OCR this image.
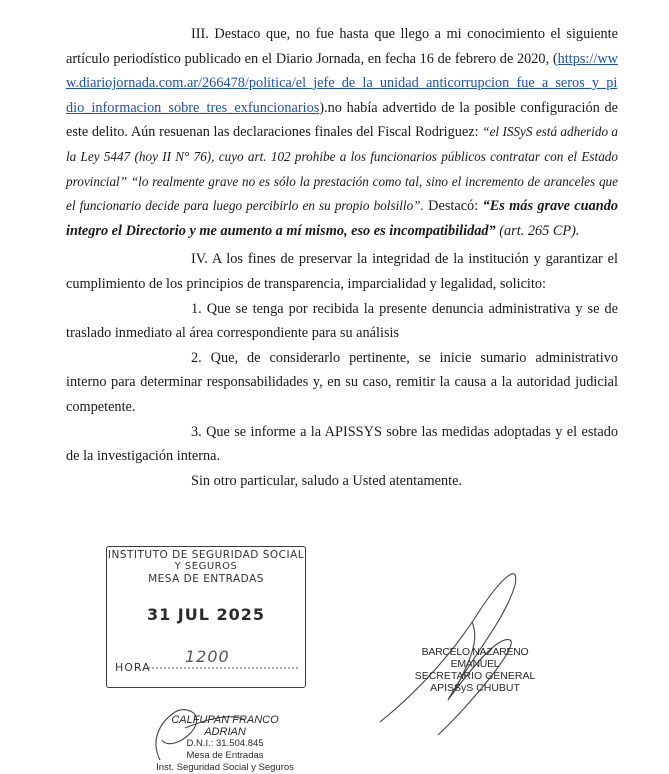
III. Destaco que, no fue hasta que llego a mi conocimiento el siguiente artículo periodístico publicado en el Diario Jornada, en fecha 16 de febrero de 2020, (https://www.diariojornada.com.ar/266478/politica/el_jefe_de_la_unidad_anticorrupcion_fue_a_seros_y_pidio_informacion_sobre_tres_exfuncionarios).no había advertido de la posible configuración de este delito. Aún resuenan las declaraciones finales del Fiscal Rodriguez: “el ISSyS está adherido a la Ley 5447 (hoy II N° 76), cuyo art. 102 prohibe a los funcionarios públicos contratar con el Estado provincial” “lo realmente grave no es sólo la prestación como tal, sino el incremento de aranceles que el funcionario decide para luego percibirlo en su propio bolsillo”. Destacó: “Es más grave cuando integro el Directorio y me aumento a mí mismo, eso es incompatibilidad” (art. 265 CP).

IV. A los fines de preservar la integridad de la institución y garantizar el cumplimiento de los principios de transparencia, imparcialidad y legalidad, solicito:

1. Que se tenga por recibida la presente denuncia administrativa y se de traslado inmediato al área correspondiente para su análisis

2. Que, de considerarlo pertinente, se inicie sumario administrativo interno para determinar responsabilidades y, en su caso, remitir la causa a la autoridad judicial competente.

3. Que se informe a la APISSYS sobre las medidas adoptadas y el estado de la investigación interna.

Sin otro particular, saludo a Usted atentamente.

INSTITUTO DE SEGURIDAD SOCIAL
Y SEGUROS
MESA DE ENTRADAS
31 JUL 2025
HORA
1200	BARCELO NAZARENO EMANUEL
SECRETARIO GENERAL
APISSyS CHUBUT
CALFUPAN FRANCO ADRIAN
D.N.I.: 31.504.845
Mesa de Entradas
Inst. Seguridad Social y Seguros
